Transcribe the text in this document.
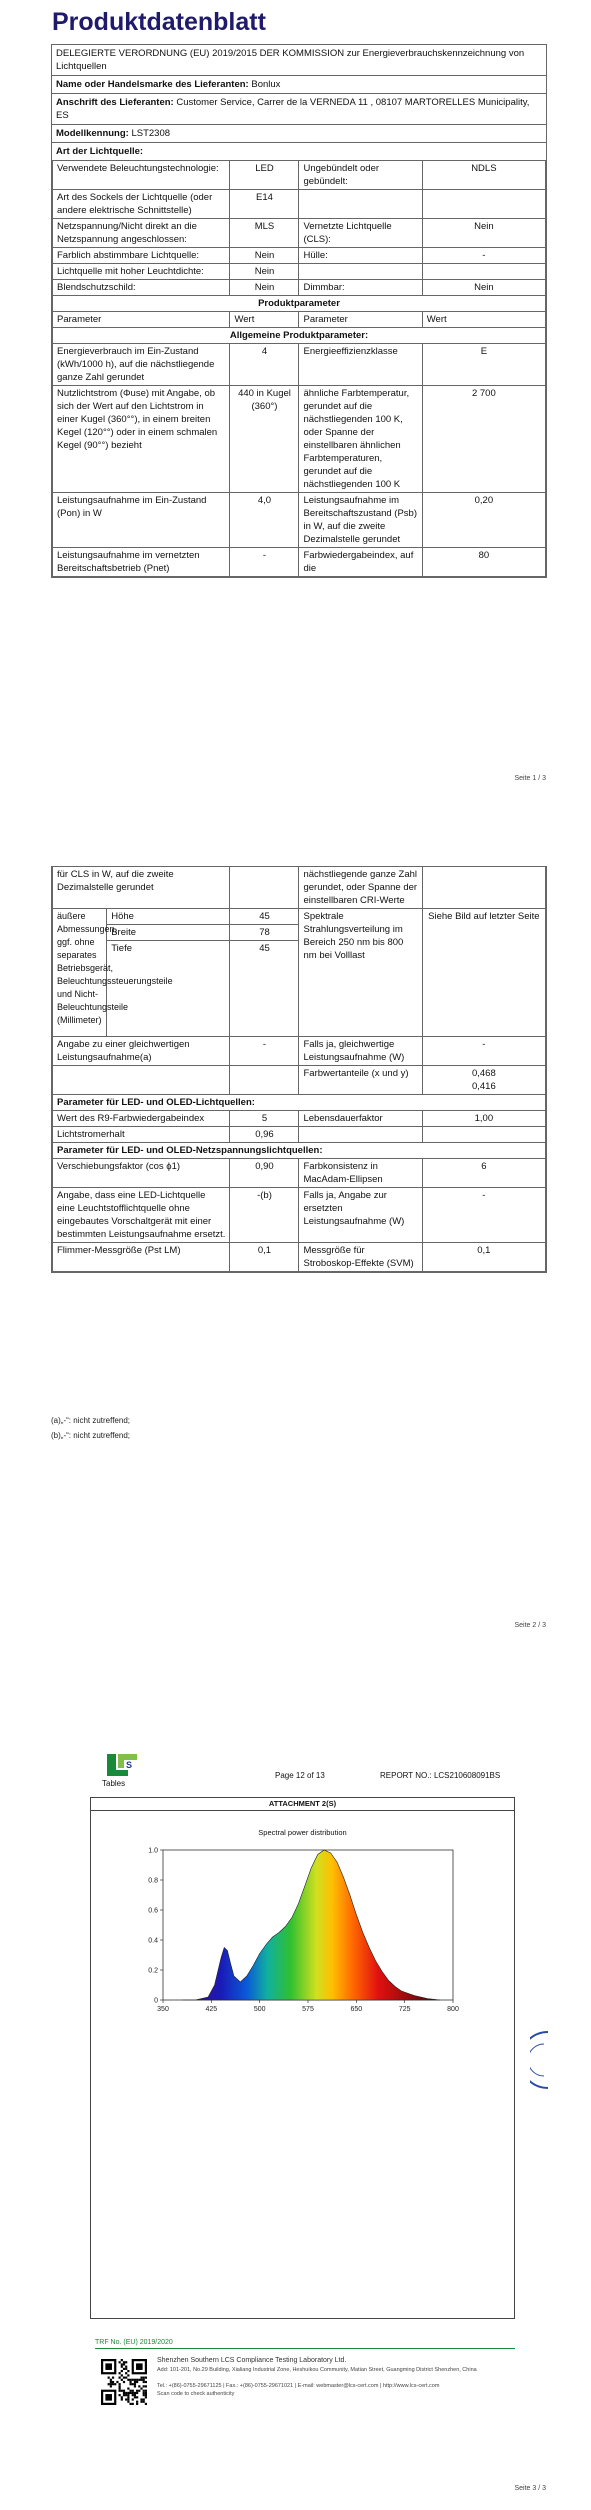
Produktdatenblatt
DELEGIERTE VERORDNUNG (EU) 2019/2015 DER KOMMISSION zur Energieverbrauchskennzeichnung von Lichtquellen
Name oder Handelsmarke des Lieferanten: Bonlux
Anschrift des Lieferanten: Customer Service, Carrer de la VERNEDA 11 , 08107 MARTORELLES Municipality, ES
Modellkennung: LST2308
Art der Lichtquelle:
Verwendete Beleuchtungstechnologie:	LED	Ungebündelt oder gebündelt:	NDLS
Art des Sockels der Lichtquelle (oder andere elektrische Schnittstelle)	E14		
Netzspannung/Nicht direkt an die Netzspannung angeschlossen:	MLS	Vernetzte Lichtquelle (CLS):	Nein
Farblich abstimmbare Lichtquelle:	Nein	Hülle:	-
Lichtquelle mit hoher Leuchtdichte:	Nein		
Blendschutzschild:	Nein	Dimmbar:	Nein
Produktparameter			
Parameter	Wert	Parameter	Wert
Allgemeine Produktparameter:			
Energieverbrauch im Ein-Zustand (kWh/1000 h), auf die nächstliegende ganze Zahl gerundet	4	Energieeffizienzklasse	E
Nutzlichtstrom (Φuse) mit Angabe, ob sich der Wert auf den Lichtstrom in einer Kugel (360°°), in einem breiten Kegel (120°°) oder in einem schmalen Kegel (90°°) bezieht	440 in Kugel (360°)	ähnliche Farbtemperatur, gerundet auf die nächstliegenden 100 K, oder Spanne der einstellbaren ähnlichen Farbtemperaturen, gerundet auf die nächstliegenden 100 K	2 700
Leistungsaufnahme im Ein-Zustand (Pon) in W	4,0	Leistungsaufnahme im Bereitschaftszustand (Psb) in W, auf die zweite Dezimalstelle gerundet	0,20
Leistungsaufnahme im vernetzten Bereitschaftsbetrieb (Pnet)	-	Farbwiedergabeindex, auf die	80
Seite 1 / 3
für CLS in W, auf die zweite Dezimalstelle gerundet			nächstliegende ganze Zahl gerundet, oder Spanne der einstellbaren CRI-Werte	
äußere Abmessungen, ggf. ohne separates Betriebsgerät, Beleuchtungssteuerungsteile und Nicht-Beleuchtungsteile (Millimeter)	Höhe	45	Spektrale Strahlungsverteilung im Bereich 250 nm bis 800 nm bei Volllast	Siehe Bild auf letzter Seite
	Breite	78		
	Tiefe	45		
Angabe zu einer gleichwertigen Leistungsaufnahme(a)		-	Falls ja, gleichwertige Leistungsaufnahme (W)	-
			Farbwertanteile (x und y)	0,468
0,416

Parameter für LED- und OLED-Lichtquellen:				
Wert des R9-Farbwiedergabeindex		5	Lebensdauerfaktor	1,00
Lichtstromerhalt		0,96		
Parameter für LED- und OLED-Netzspannungslichtquellen:				
Verschiebungsfaktor (cos ϕ1)		0,90	Farbkonsistenz in MacAdam-Ellipsen	6
Angabe, dass eine LED-Lichtquelle eine Leuchtstofflichtquelle ohne eingebautes Vorschaltgerät mit einer bestimmten Leistungsaufnahme ersetzt.		-(b)	Falls ja, Angabe zur ersetzten Leistungsaufnahme (W)	-
Flimmer-Messgröße (Pst LM)		0,1	Messgröße für Stroboskop-Effekte (SVM)	0,1
(a)„-“: nicht zutreffend;
(b)„-“: nicht zutreffend;
Seite 2 / 3
S
Tables
Page 12 of 13	REPORT NO.: LCS210608091BS
ATTACHMENT 2(S)
Spectral power distribution
0
0.2
0.4
0.6
0.8
1.0
350	425	500	575	650	725	800
TRF No. (EU) 2019/2020
Shenzhen Southern LCS Compliance Testing Laboratory Ltd.
Add: 101-201, No.29 Building, Xialiang Industrial Zone, Heshuikou Community, Matian Street, Guangming District Shenzhen, China
Tel.: +(86)-0755-29671125 | Fax.: +(86)-0755-29671021 | E-mail: webmaster@lcs-cert.com | http://www.lcs-cert.com
Scan code to check authenticity
Seite 3 / 3
